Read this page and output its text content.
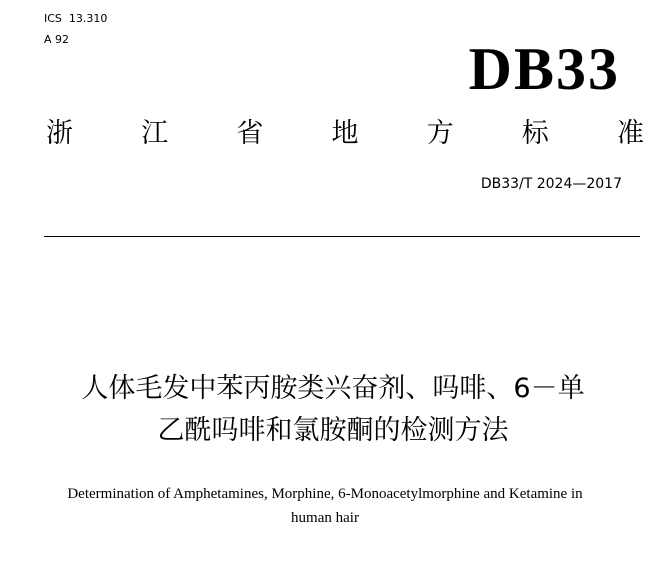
ICS  13.310
A 92	DB33
浙	江	省	地	方	标	准
DB33/T 2024—2017
人体毛发中苯丙胺类兴奋剂、吗啡、6－单
乙酰吗啡和氯胺酮的检测方法
Determination of Amphetamines, Morphine, 6-Monoacetylmorphine and Ketamine in
human hair
